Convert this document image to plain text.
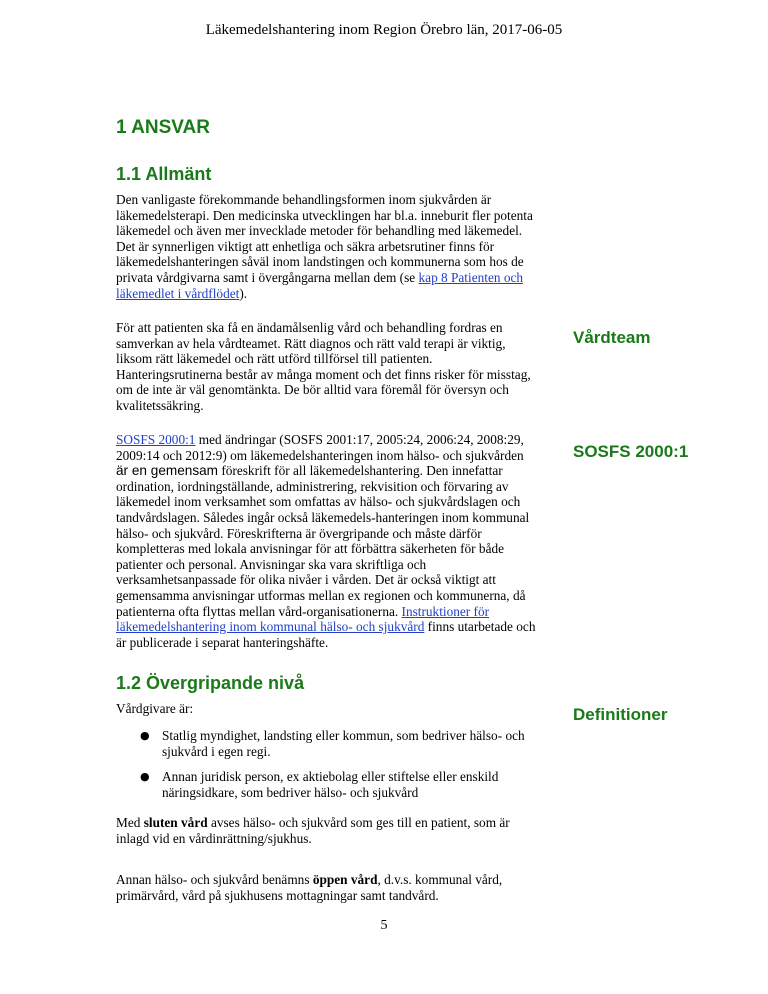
Läkemedelshantering inom Region Örebro län, 2017-06-05
1 ANSVAR
1.1 Allmänt

Den vanligaste förekommande behandlingsformen inom sjukvården är läkemedelsterapi. Den medicinska utvecklingen har bl.a. inneburit fler potenta läkemedel och även mer invecklade metoder för behandling med läkemedel. Det är synnerligen viktigt att enhetliga och säkra arbetsrutiner finns för läkemedelshanteringen såväl inom landstingen och kommunerna som hos de privata vårdgivarna samt i övergångarna mellan dem (se kap 8 Patienten och läkemedlet i vårdflödet).

För att patienten ska få en ändamålsenlig vård och behandling fordras en samverkan av hela vårdteamet. Rätt diagnos och rätt vald terapi är viktig, liksom rätt läkemedel och rätt utförd tillförsel till patienten. Hanteringsrutinerna består av många moment och det finns risker för misstag, om de inte är väl genomtänkta. De bör alltid vara föremål för översyn och kvalitetssäkring.

Vårdteam

SOSFS 2000:1 med ändringar (SOSFS 2001:17, 2005:24, 2006:24, 2008:29, 2009:14 och 2012:9) om läkemedelshanteringen inom hälso- och sjukvården är en gemensam föreskrift för all läkemedelshantering. Den innefattar ordination, iordningställande, administrering, rekvisition och förvaring av läkemedel inom verksamhet som omfattas av hälso- och sjukvårdslagen och tandvårdslagen. Således ingår också läkemedels-hanteringen inom kommunal hälso- och sjukvård. Föreskrifterna är övergripande och måste därför kompletteras med lokala anvisningar för att förbättra säkerheten för både patienter och personal. Anvisningar ska vara skriftliga och verksamhetsanpassade för olika nivåer i vården. Det är också viktigt att gemensamma anvisningar utformas mellan ex regionen och kommunerna, då patienterna ofta flyttas mellan vård-organisationerna. Instruktioner för läkemedelshantering inom kommunal hälso- och sjukvård finns utarbetade och är publicerade i separat hanteringshäfte.

SOSFS 2000:1
1.2 Övergripande nivå

Vårdgivare är:	Definitioner
● Statlig myndighet, landsting eller kommun, som bedriver hälso- och sjukvård i egen regi.
● Annan juridisk person, ex aktiebolag eller stiftelse eller enskild näringsidkare, som bedriver hälso- och sjukvård

Med sluten vård avses hälso- och sjukvård som ges till en patient, som är inlagd vid en vårdinrättning/sjukhus.

Annan hälso- och sjukvård benämns öppen vård, d.v.s. kommunal vård, primärvård, vård på sjukhusens mottagningar samt tandvård.

5
